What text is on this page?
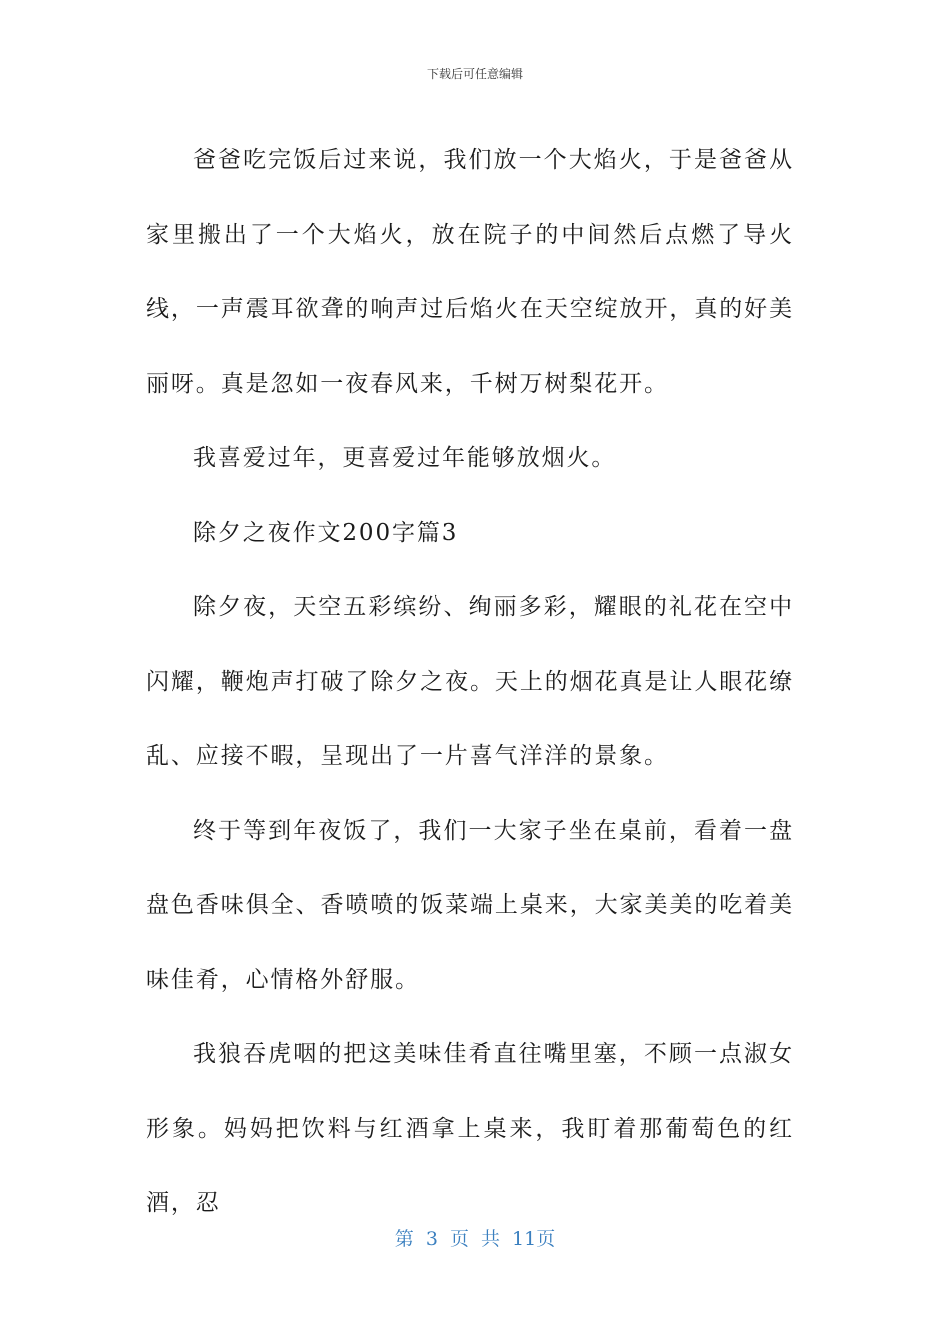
下载后可任意编辑

爸爸吃完饭后过来说，我们放一个大焰火，于是爸爸从家里搬出了一个大焰火，放在院子的中间然后点燃了导火线，一声震耳欲聋的响声过后焰火在天空绽放开，真的好美丽呀。真是忽如一夜春风来，千树万树梨花开。

我喜爱过年，更喜爱过年能够放烟火。

除夕之夜作文200字篇3

除夕夜，天空五彩缤纷、绚丽多彩，耀眼的礼花在空中闪耀，鞭炮声打破了除夕之夜。天上的烟花真是让人眼花缭乱、应接不暇，呈现出了一片喜气洋洋的景象。

终于等到年夜饭了，我们一大家子坐在桌前，看着一盘盘色香味俱全、香喷喷的饭菜端上桌来，大家美美的吃着美味佳肴，心情格外舒服。

我狼吞虎咽的把这美味佳肴直往嘴里塞，不顾一点淑女形象。妈妈把饮料与红酒拿上桌来，我盯着那葡萄色的红酒，忍

第 3 页 共 11页
